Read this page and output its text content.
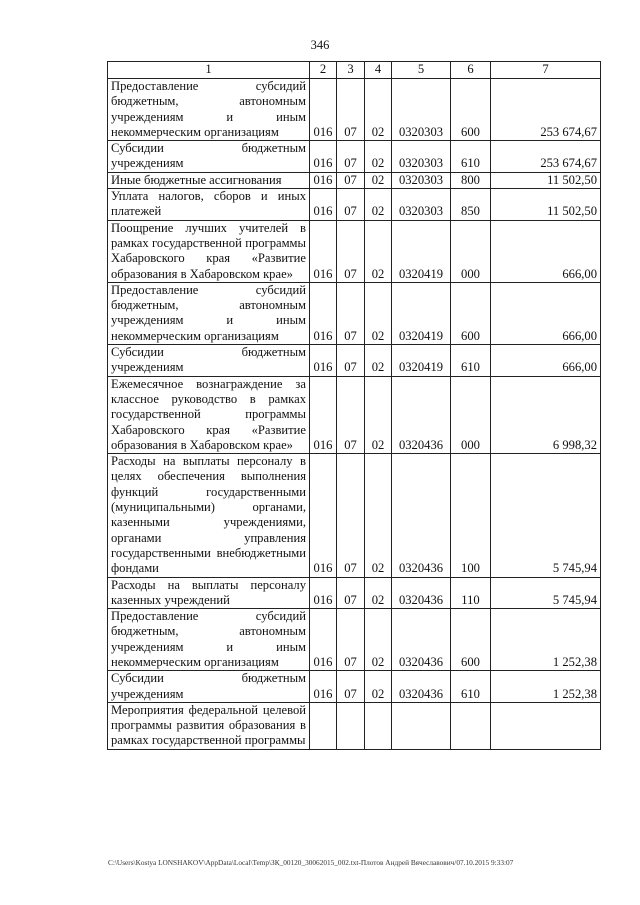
346
1	2	3	4	5	6	7
Предоставление субсидий бюджетным, автономным учреждениям и иным некоммерческим организациям	016	07	02	0320303	600	253 674,67
Субсидии бюджетным учреждениям	016	07	02	0320303	610	253 674,67
Иные бюджетные ассигнования	016	07	02	0320303	800	11 502,50
Уплата налогов, сборов и иных платежей	016	07	02	0320303	850	11 502,50
Поощрение лучших учителей в рамках государственной программы Хабаровского края «Развитие образования в Хабаровском крае»	016	07	02	0320419	000	666,00
Предоставление субсидий бюджетным, автономным учреждениям и иным некоммерческим организациям	016	07	02	0320419	600	666,00
Субсидии бюджетным учреждениям	016	07	02	0320419	610	666,00
Ежемесячное вознаграждение за классное руководство в рамках государственной программы Хабаровского края «Развитие образования в Хабаровском крае»	016	07	02	0320436	000	6 998,32
Расходы на выплаты персоналу в целях обеспечения выполнения функций государственными (муниципальными) органами, казенными учреждениями, органами управления государственными внебюджетными фондами	016	07	02	0320436	100	5 745,94
Расходы на выплаты персоналу казенных учреждений	016	07	02	0320436	110	5 745,94
Предоставление субсидий бюджетным, автономным учреждениям и иным некоммерческим организациям	016	07	02	0320436	600	1 252,38
Субсидии бюджетным учреждениям	016	07	02	0320436	610	1 252,38
Мероприятия федеральной целевой программы развития образования в рамках государственной программы						
C:\Users\Kostya LONSHAKOV\AppData\Local\Temp\ЗК_00120_30062015_002.txt-Плотов Андрей Вячеславович/07.10.2015 9:33:07
